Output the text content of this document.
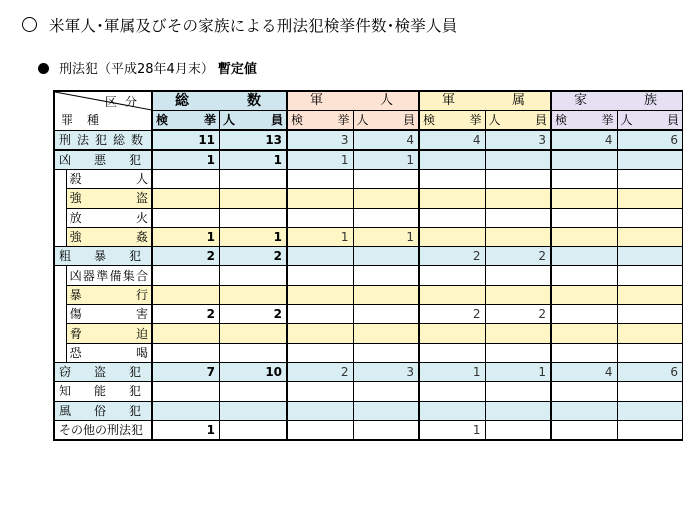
米軍人･軍属及びその家族による刑法犯検挙件数･検挙人員
刑法犯（平成28年4月末） 暫定値
区分
罪種		総　数		軍　人		軍　属		家　族	
		検挙	人員	検挙	人員	検挙	人員	検挙	人員
刑法犯総数		11	13	3	4	4	3	4	6
凶悪犯		1	1	1	1				
	殺人								
	強盗								
	放火								
	強姦	1	1	1	1				
粗暴犯		2	2			2	2		
	凶器準備集合								
	暴行								
	傷害	2	2			2	2		
	脅迫								
	恐喝								
窃盗犯		7	10	2	3	1	1	4	6
知能犯									
風俗犯									
その他の刑法犯		1				1			
